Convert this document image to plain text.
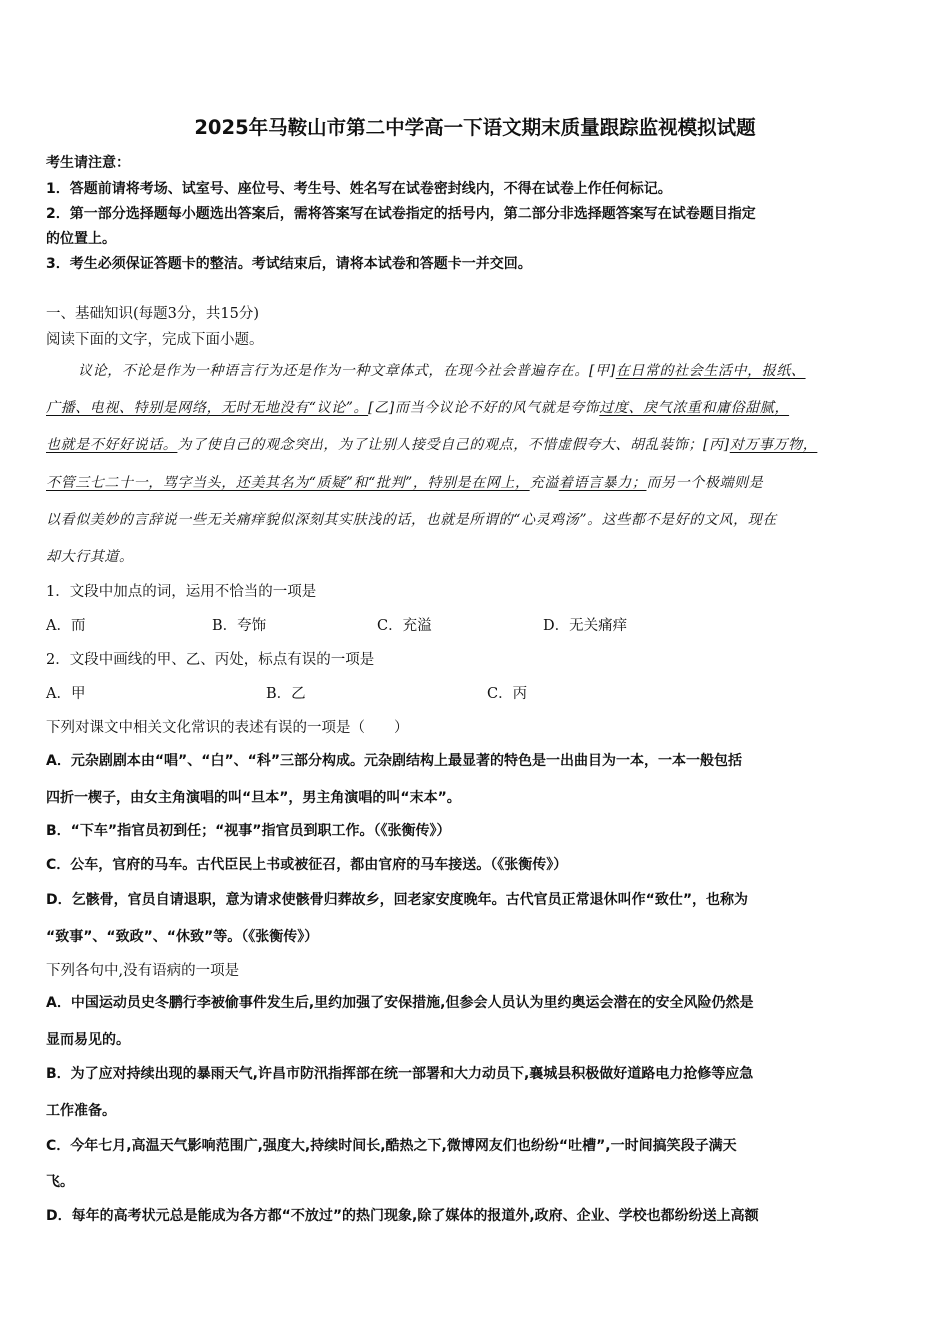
2025年马鞍山市第二中学高一下语文期末质量跟踪监视模拟试题
考生请注意：
1．答题前请将考场、试室号、座位号、考生号、姓名写在试卷密封线内，不得在试卷上作任何标记。
2．第一部分选择题每小题选出答案后，需将答案写在试卷指定的括号内，第二部分非选择题答案写在试卷题目指定
的位置上。
3．考生必须保证答题卡的整洁。考试结束后，请将本试卷和答题卡一并交回。
一、基础知识(每题3分，共15分)
阅读下面的文字，完成下面小题。
议论，不论是作为一种语言行为还是作为一种文章体式，在现今社会普遍存在。[甲]在日常的社会生活中，报纸、
广播、电视、特别是网络，无时无地没有“议论”。[乙]而当今议论不好的风气就是夸饰过度、戾气浓重和庸俗甜腻，
也就是不好好说话。为了使自己的观念突出，为了让别人接受自己的观点，不惜虚假夸大、胡乱装饰；[丙]对万事万物，
不管三七二十一，骂字当头，还美其名为“质疑”和“批判”，特别是在网上，充溢着语言暴力；而另一个极端则是
以看似美妙的言辞说一些无关痛痒貌似深刻其实肤浅的话，也就是所谓的“心灵鸡汤”。这些都不是好的文风，现在
却大行其道。
1．文段中加点的词，运用不恰当的一项是
A．而	B．夸饰	C．充溢	D．无关痛痒
2．文段中画线的甲、乙、丙处，标点有误的一项是
A．甲	B．乙	C．丙
下列对课文中相关文化常识的表述有误的一项是（　　）
A．元杂剧剧本由“唱”、“白”、“科”三部分构成。元杂剧结构上最显著的特色是一出曲目为一本，一本一般包括
四折一楔子，由女主角演唱的叫“旦本”，男主角演唱的叫“末本”。
B．“下车”指官员初到任；“视事”指官员到职工作。（《张衡传》）
C．公车，官府的马车。古代臣民上书或被征召，都由官府的马车接送。（《张衡传》）
D．乞骸骨，官员自请退职，意为请求使骸骨归葬故乡，回老家安度晚年。古代官员正常退休叫作“致仕”，也称为
“致事”、“致政”、“休致”等。（《张衡传》）
下列各句中,没有语病的一项是
A．中国运动员史冬鹏行李被偷事件发生后,里约加强了安保措施,但参会人员认为里约奥运会潜在的安全风险仍然是
显而易见的。
B．为了应对持续出现的暴雨天气,许昌市防汛指挥部在统一部署和大力动员下,襄城县积极做好道路电力抢修等应急
工作准备。
C．今年七月,高温天气影响范围广,强度大,持续时间长,酷热之下,微博网友们也纷纷“吐槽”,一时间搞笑段子满天
飞。
D．每年的高考状元总是能成为各方都“不放过”的热门现象,除了媒体的报道外,政府、企业、学校也都纷纷送上高额
